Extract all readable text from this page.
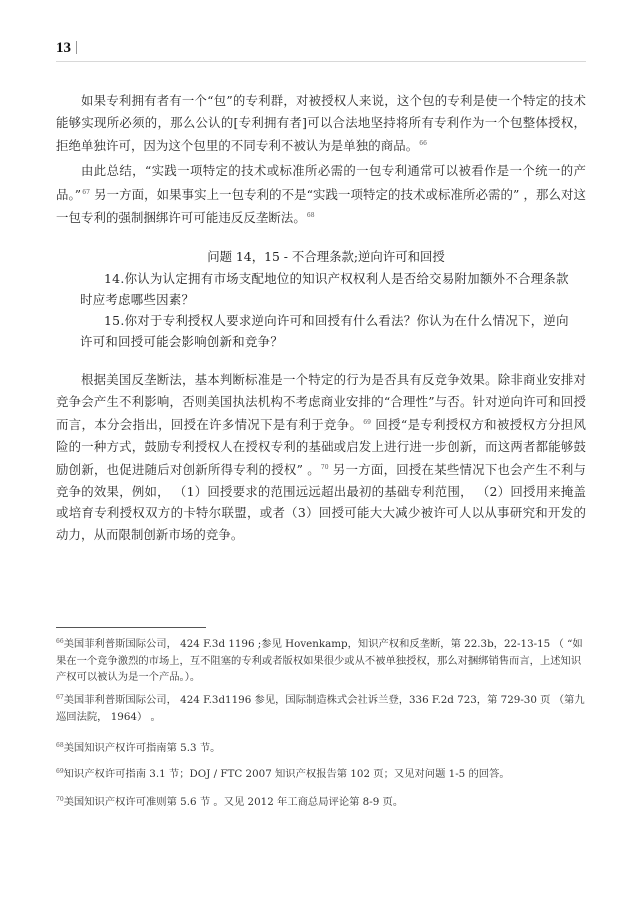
13 |

如果专利拥有者有一个“包”的专利群，对被授权人来说，这个包的专利是使一个特定的技术能够实现所必须的，那么公认的[专利拥有者]可以合法地坚持将所有专利作为一个包整体授权，拒绝单独许可，因为这个包里的不同专利不被认为是单独的商品。$^{66}$

由此总结，“实践一项特定的技术或标准所必需的一包专利通常可以被看作是一个统一的产品。”$^{67}$ 另一方面，如果事实上一包专利的不是“实践一项特定的技术或标准所必需的” ，那么对这一包专利的强制捆绑许可可能违反反垄断法。$^{68}$

问题 14，15 - 不合理条款;逆向许可和回授

14.你认为认定拥有市场支配地位的知识产权权利人是否给交易附加额外不合理条款时应考虑哪些因素？

15.你对于专利授权人要求逆向许可和回授有什么看法？你认为在什么情况下，逆向许可和回授可能会影响创新和竞争？

根据美国反垄断法，基本判断标准是一个特定的行为是否具有反竞争效果。除非商业安排对竞争会产生不利影响，否则美国执法机构不考虑商业安排的“合理性”与否。针对逆向许可和回授而言，本分会指出，回授在许多情况下是有利于竞争。$^{69}$ 回授“是专利授权方和被授权方分担风险的一种方式，鼓励专利授权人在授权专利的基础或启发上进行进一步创新，而这两者都能够鼓励创新，也促进随后对创新所得专利的授权” 。$^{70}$ 另一方面，回授在某些情况下也会产生不利与竞争的效果，例如， （1）回授要求的范围远远超出最初的基础专利范围， （2）回授用来掩盖或培育专利授权双方的卡特尔联盟，或者（3）回授可能大大减少被许可人以从事研究和开发的动力，从而限制创新市场的竞争。

$^{66}$美国菲利普斯国际公司， 424 F.3d 1196 ;参见 Hovenkamp，知识产权和反垄断，第 22.3b，22-13-15 （ “如果在一个竞争激烈的市场上，互不阻塞的专利或者版权如果很少或从不被单独授权，那么对捆绑销售而言，上述知识产权可以被认为是一个产品。）。

$^{67}$美国菲利普斯国际公司， 424 F.3d1196 参见，国际制造株式会社诉兰登，336 F.2d 723，第 729-30 页 （第九巡回法院， 1964） 。

$^{68}$美国知识产权许可指南第 5.3 节。

$^{69}$知识产权许可指南 3.1 节；DOJ / FTC 2007 知识产权报告第 102 页；又见对问题 1-5 的回答。

$^{70}$美国知识产权许可准则第 5.6 节 。又见 2012 年工商总局评论第 8-9 页。
